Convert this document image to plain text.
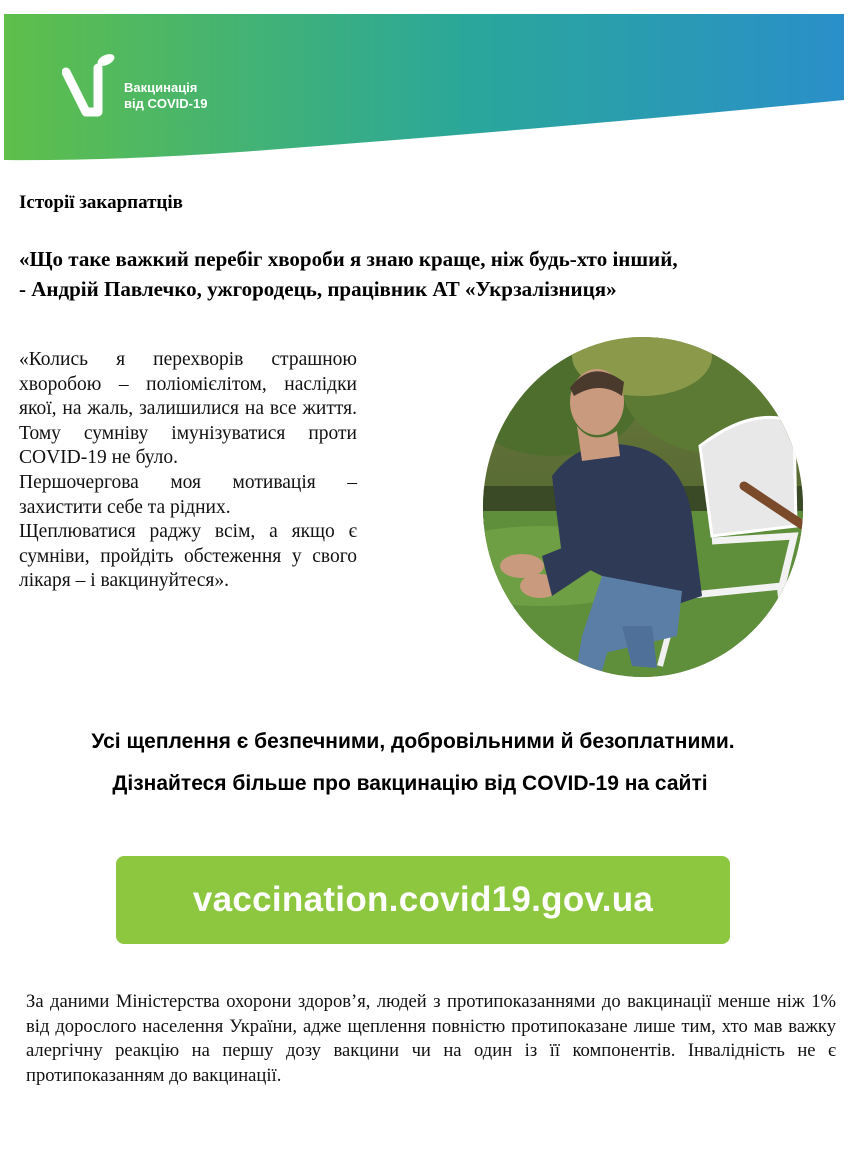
Вакцинація
від COVID-19
Історії закарпатців
«Що таке важкий перебіг хвороби я знаю краще, ніж будь-хто інший,
- Андрій Павлечко, ужгородець, працівник АТ «Укрзалізниця»

«Колись я перехворів страшною хворобою – поліомієлітом, наслідки якої, на жаль, залишилися на все життя. Тому сумніву імунізуватися проти COVID-19 не було.

Першочергова моя мотивація – захистити себе та рідних.

Щеплюватися раджу всім, а якщо є сумніви, пройдіть обстеження у свого лікаря – і вакцинуйтеся».

Усі щеплення є безпечними, добровільними й безоплатними.

Дізнайтеся більше про вакцинацію від COVID-19 на сайті

vaccination.covid19.gov.ua

За даними Міністерства охорони здоров’я, людей з протипоказаннями до вакцинації менше ніж 1% від дорослого населення України, адже щеплення повністю протипоказане лише тим, хто мав важку алергічну реакцію на першу дозу вакцини чи на один із її компонентів. Інвалідність не є протипоказанням до вакцинації.
